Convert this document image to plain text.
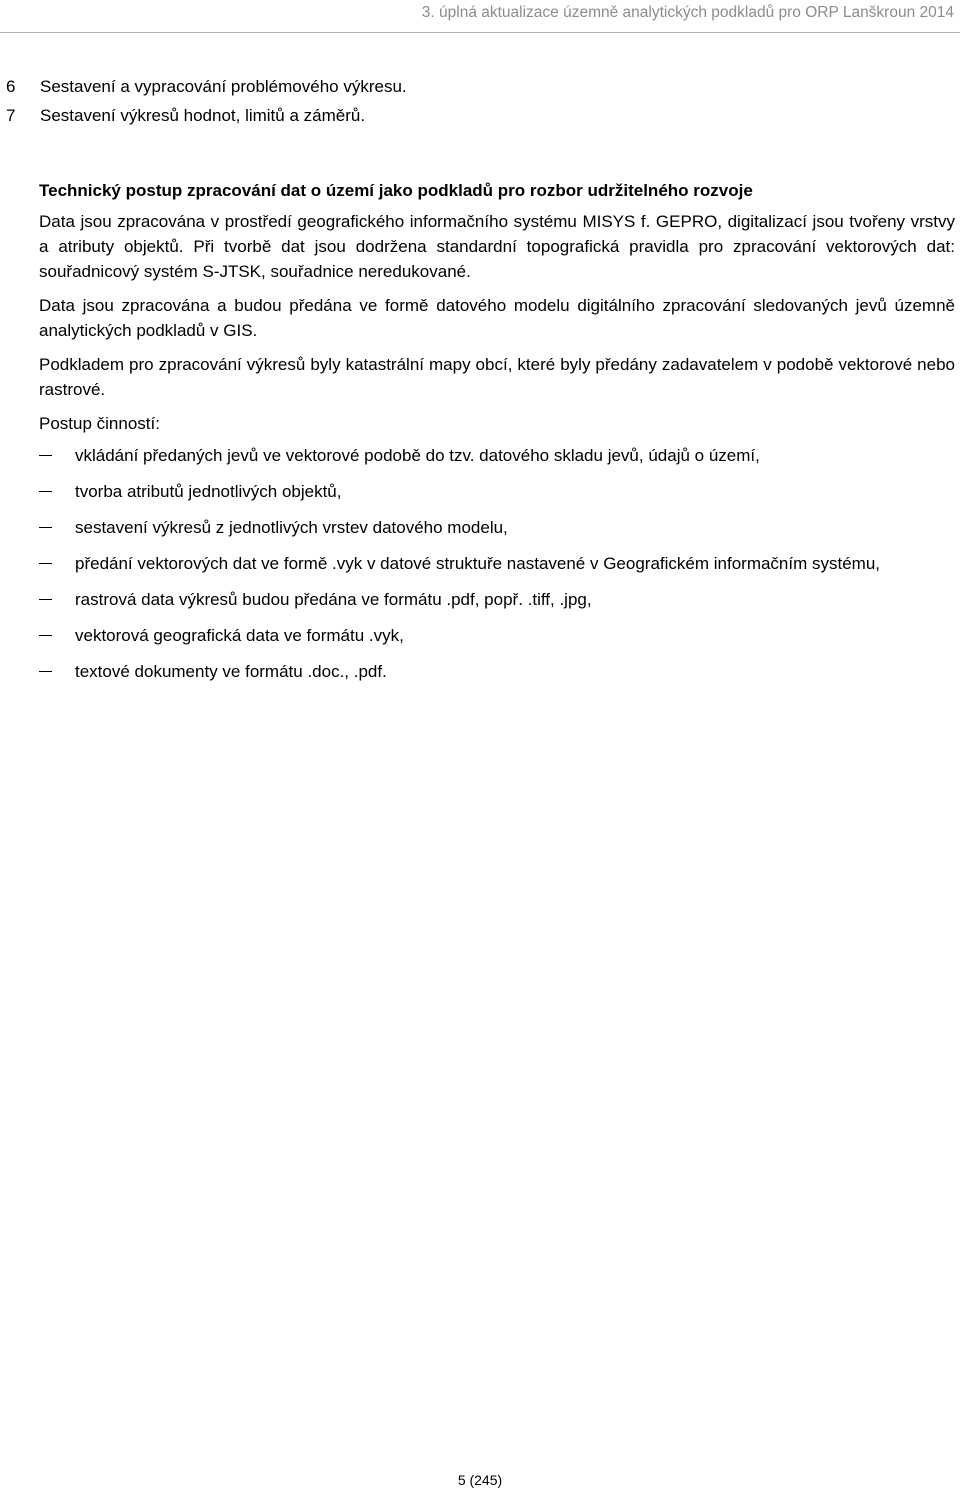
3. úplná aktualizace územně analytických podkladů pro ORP Lanškroun 2014
6	Sestavení a vypracování problémového výkresu.
7	Sestavení výkresů hodnot, limitů a záměrů.
Technický postup zpracování dat o území jako podkladů pro rozbor udržitelného rozvoje

Data jsou zpracována v prostředí geografického informačního systému MISYS f. GEPRO, digitalizací jsou tvořeny vrstvy a atributy objektů. Při tvorbě dat jsou dodržena standardní topografická pravidla pro zpracování vektorových dat: souřadnicový systém S-JTSK, souřadnice neredukované.

Data jsou zpracována a budou předána ve formě datového modelu digitálního zpracování sledovaných jevů územně analytických podkladů v GIS.

Podkladem pro zpracování výkresů byly katastrální mapy obcí, které byly předány zadavatelem v podobě vektorové nebo rastrové.

Postup činností:

vkládání předaných jevů ve vektorové podobě do tzv. datového skladu jevů, údajů o území,
tvorba atributů jednotlivých objektů,
sestavení výkresů z jednotlivých vrstev datového modelu,
předání vektorových dat ve formě .vyk v datové struktuře nastavené v Geografickém informačním systému,
rastrová data výkresů budou předána ve formátu .pdf, popř. .tiff, .jpg,
vektorová geografická data ve formátu .vyk,
textové dokumenty ve formátu .doc., .pdf.
5 (245)
